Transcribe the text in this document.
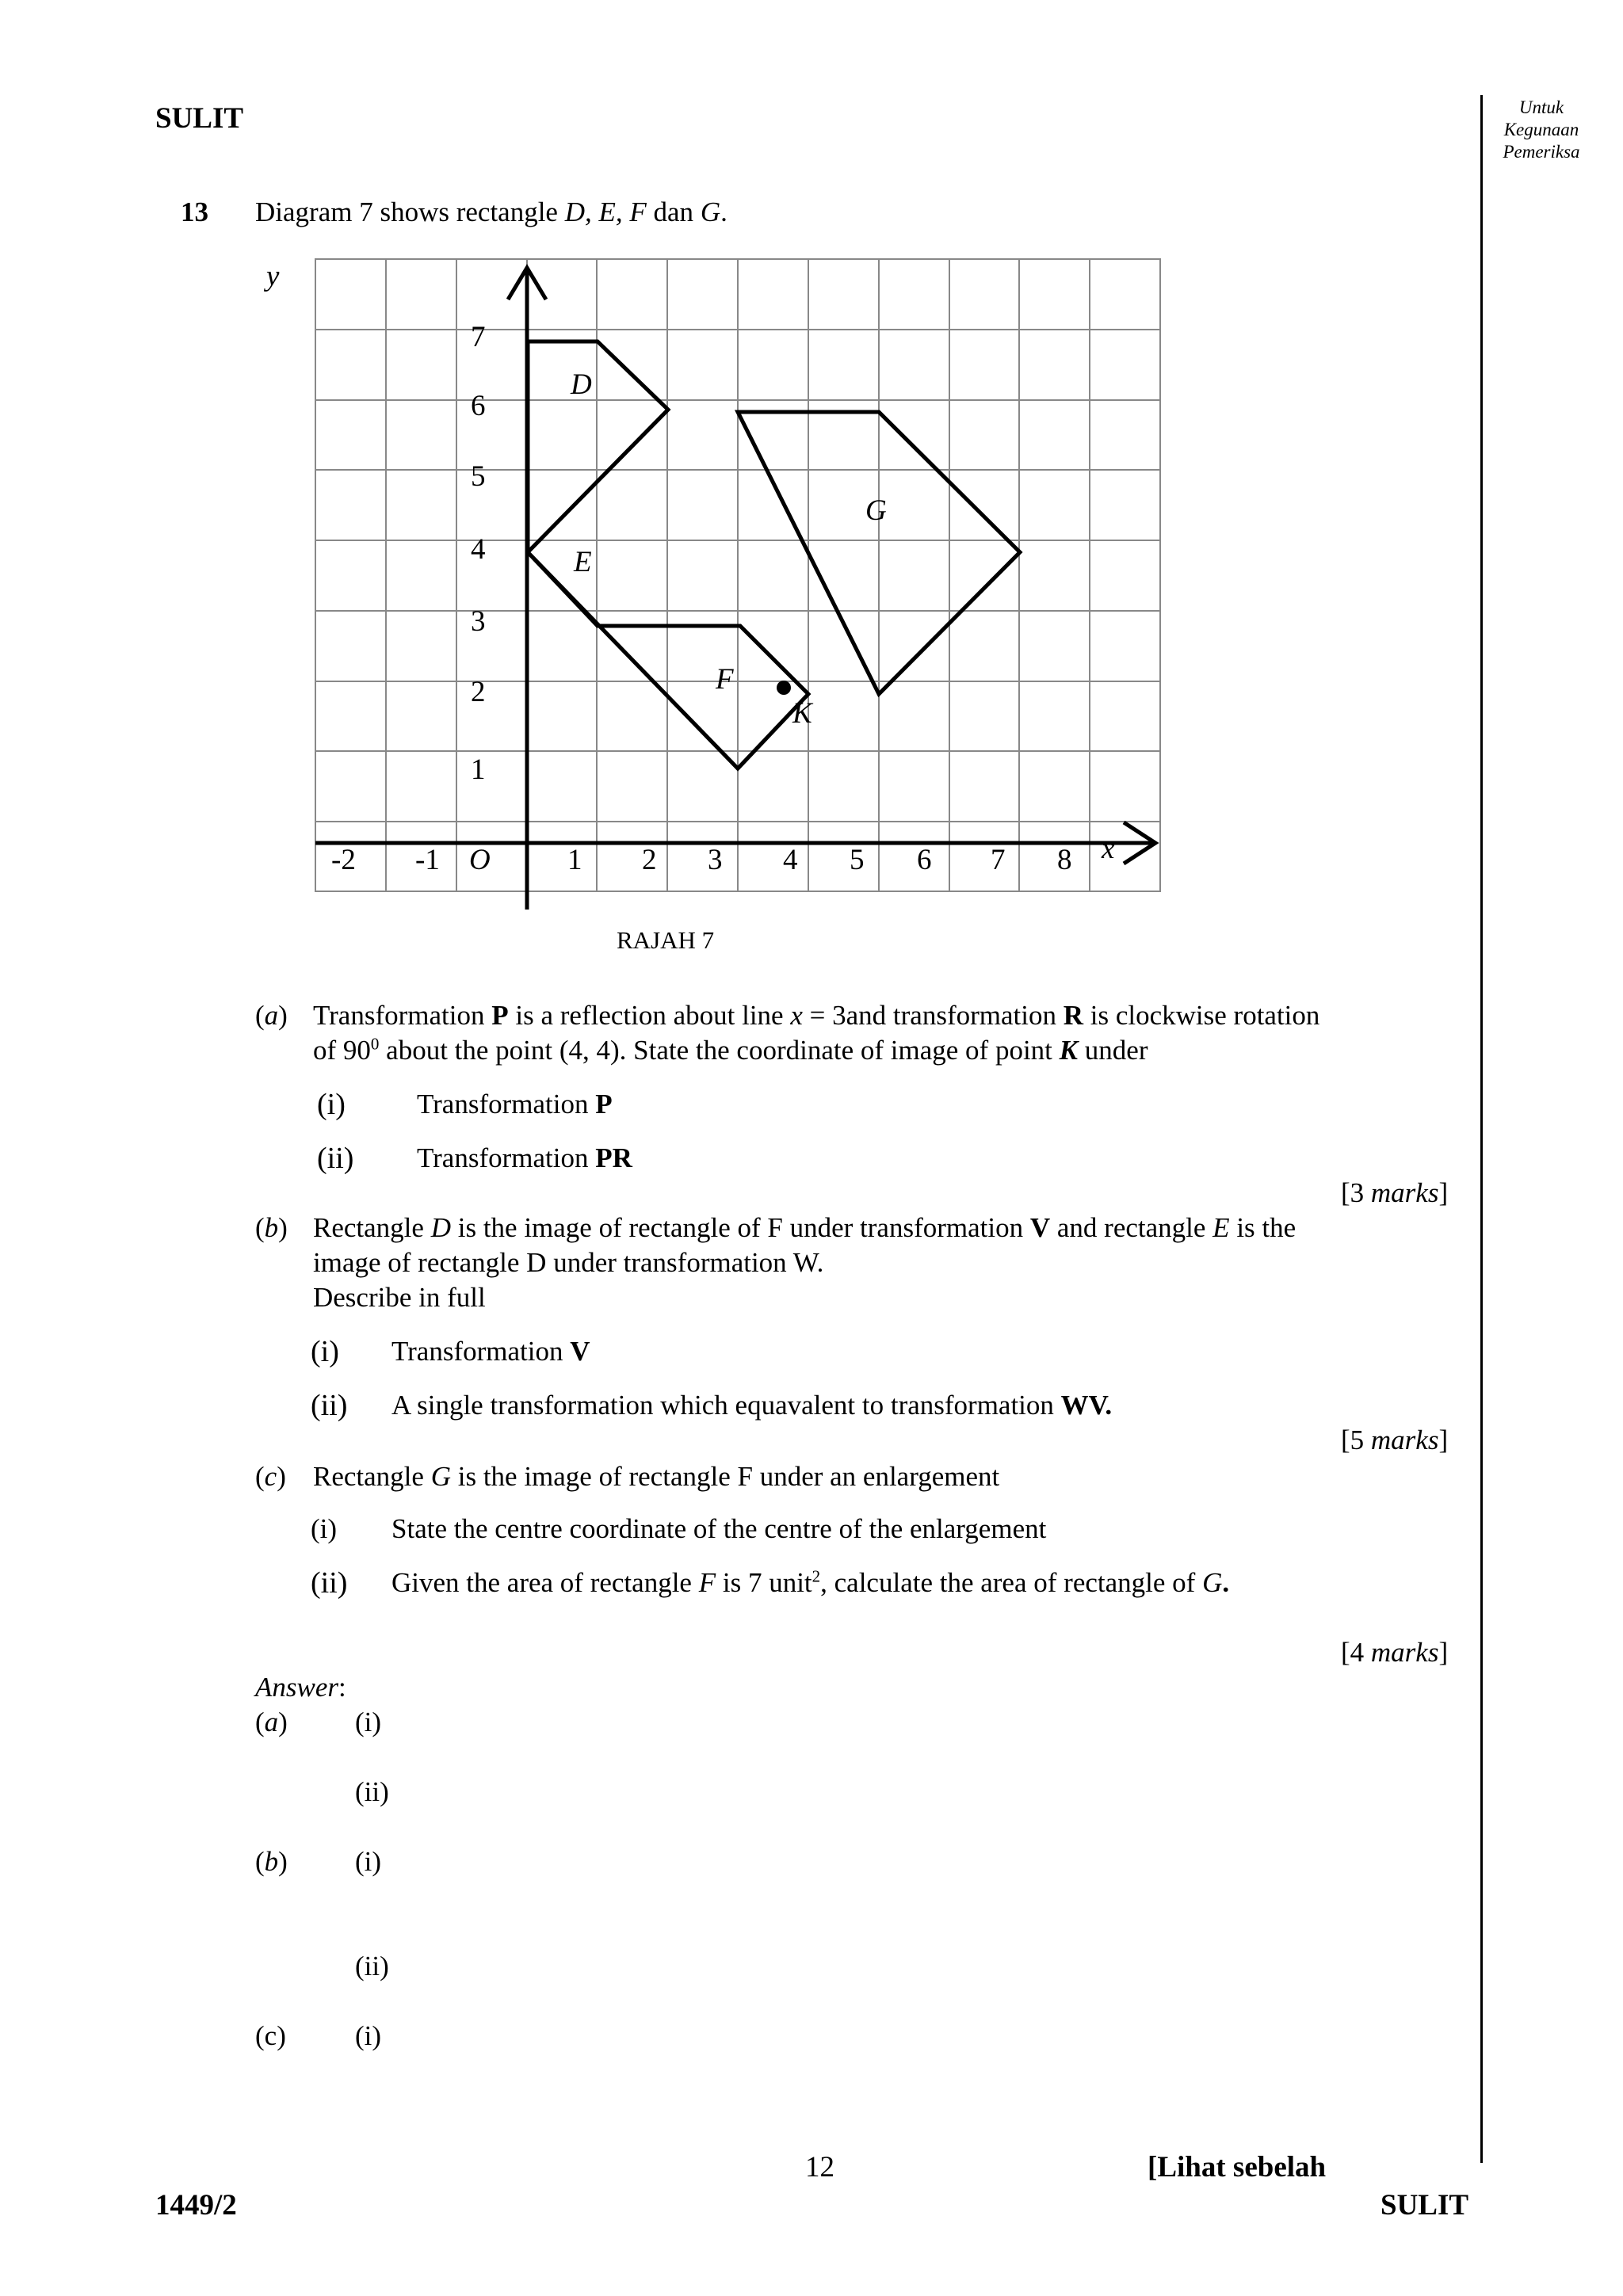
SULIT	Untuk
Kegunaan
Pemeriksa
13 Diagram 7 shows rectangle D, E, F dan G.
y
x
O
-2 -1	1 2 3 4 5 6 7 8
1
2
3
4
5
6
7
D
E
F
G
K
RAJAH 7
(a) Transformation P is a reflection about line x = 3and transformation R is clockwise rotation
of $90^0$ about the point (4, 4). State the coordinate of image of point K under
(i)	Transformation P
(ii) Transformation PR
[3 marks]
(b) Rectangle D is the image of rectangle of F under transformation V and rectangle E is the
image of rectangle D under transformation W.
Describe in full
(i) Transformation V
(ii) A single transformation which equavalent to transformation WV.
[5 marks]
(c) Rectangle G is the image of rectangle F under an enlargement
(i) State the centre coordinate of the centre of the enlargement
(ii) Given the area of rectangle F is 7 unit$^2$, calculate the area of rectangle of G.
[4 marks]
Answer:
(a) (i)
(ii)
(b) (i)
(ii)
(c) (i)
12	[Lihat sebelah
1449/2	SULIT
